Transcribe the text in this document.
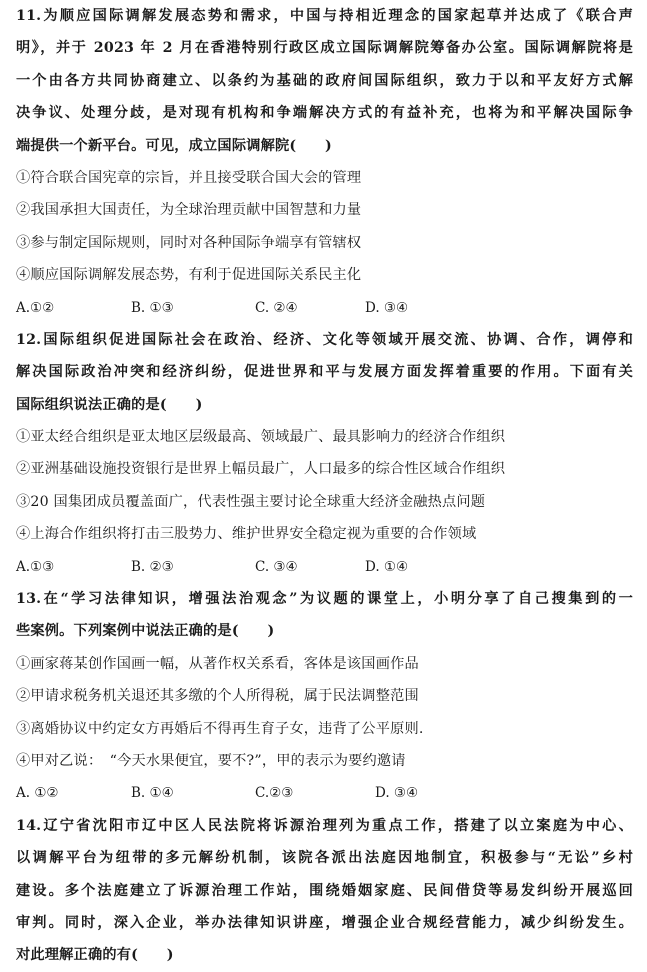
11.为顺应国际调解发展态势和需求，中国与持相近理念的国家起草并达成了《联合声
明》，并于 2023 年 2 月在香港特别行政区成立国际调解院筹备办公室。国际调解院将是
一个由各方共同协商建立、以条约为基础的政府间国际组织，致力于以和平友好方式解
决争议、处理分歧，是对现有机构和争端解决方式的有益补充，也将为和平解决国际争
端提供一个新平台。可见，成立国际调解院(　　)
①符合联合国宪章的宗旨，并且接受联合国大会的管理
②我国承担大国责任，为全球治理贡献中国智慧和力量
③参与制定国际规则，同时对各种国际争端享有管辖权
④顺应国际调解发展态势，有利于促进国际关系民主化
A.①②	B. ①③	C. ②④	D. ③④
12.国际组织促进国际社会在政治、经济、文化等领域开展交流、协调、合作，调停和
解决国际政治冲突和经济纠纷，促进世界和平与发展方面发挥着重要的作用。下面有关
国际组织说法正确的是(　　)
①亚太经合组织是亚太地区层级最高、领域最广、最具影响力的经济合作组织
②亚洲基础设施投资银行是世界上幅员最广，人口最多的综合性区域合作组织
③20 国集团成员覆盖面广，代表性强主要讨论全球重大经济金融热点问题
④上海合作组织将打击三股势力、维护世界安全稳定视为重要的合作领域
A.①③	B. ②③	C. ③④	D. ①④
13.在“学习法律知识，增强法治观念”为议题的课堂上，小明分享了自己搜集到的一
些案例。下列案例中说法正确的是(　　)
①画家蒋某创作国画一幅，从著作权关系看，客体是该国画作品
②甲请求税务机关退还其多缴的个人所得税，属于民法调整范围
③离婚协议中约定女方再婚后不得再生育子女，违背了公平原则.
④甲对乙说：　“今天水果便宜，要不?”，甲的表示为要约邀请
A. ①②	B. ①④	C.②③	D. ③④
14.辽宁省沈阳市辽中区人民法院将诉源治理列为重点工作，搭建了以立案庭为中心、
以调解平台为纽带的多元解纷机制，该院各派出法庭因地制宜，积极参与“无讼”乡村
建设。多个法庭建立了诉源治理工作站，围绕婚姻家庭、民间借贷等易发纠纷开展巡回
审判。同时，深入企业，举办法律知识讲座，增强企业合规经营能力，减少纠纷发生。
对此理解正确的有(　　)
